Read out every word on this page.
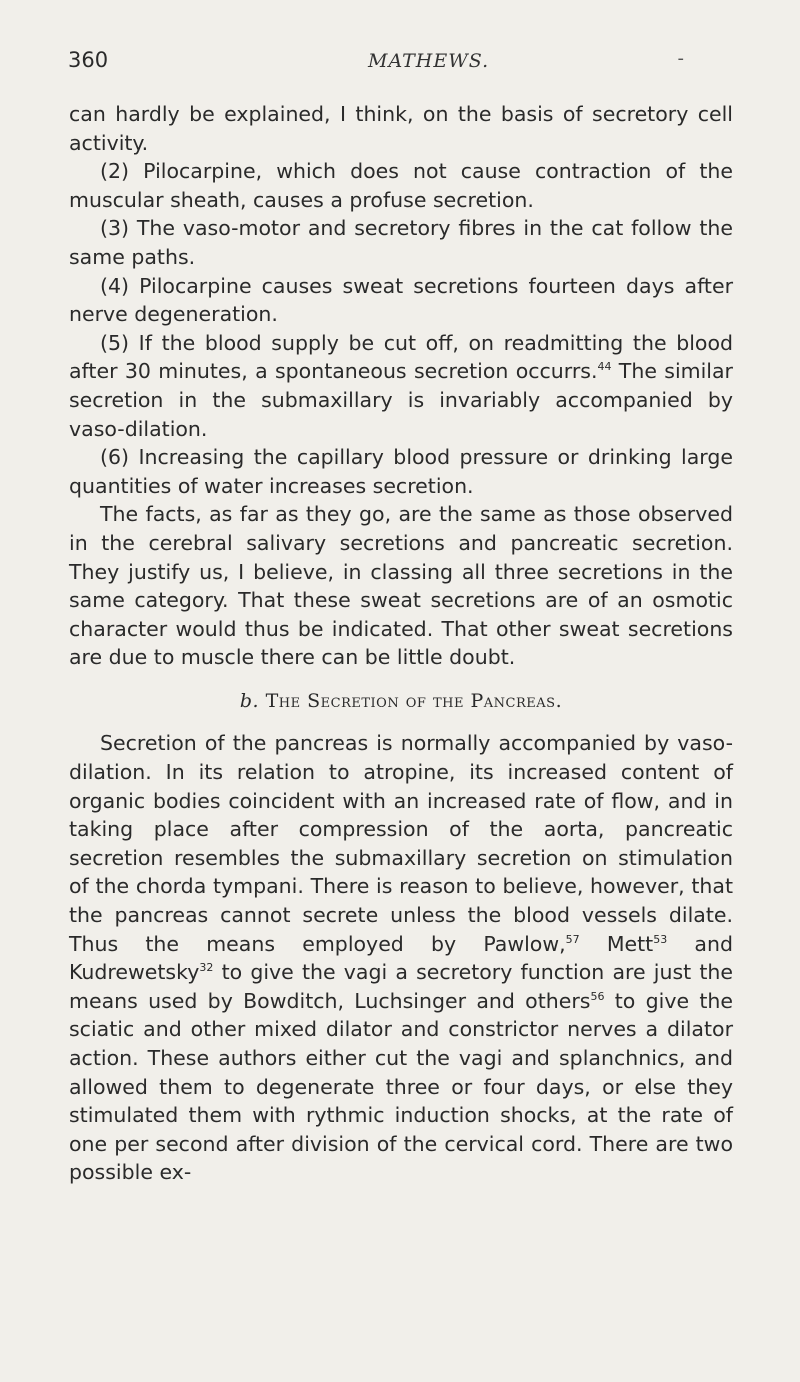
360	MATHEWS.	-

can hardly be explained, I think, on the basis of secretory cell activity.

(2) Pilocarpine, which does not cause contraction of the muscular sheath, causes a profuse secretion.

(3) The vaso-motor and secretory fibres in the cat follow the same paths.

(4) Pilocarpine causes sweat secretions fourteen days after nerve degeneration.

(5) If the blood supply be cut off, on readmitting the blood after 30 minutes, a spontaneous secretion occurrs.$^{44}$ The similar secretion in the submaxillary is invariably accompanied by vaso-dilation.

(6) Increasing the capillary blood pressure or drinking large quantities of water increases secretion.

The facts, as far as they go, are the same as those observed in the cerebral salivary secretions and pancreatic secretion. They justify us, I believe, in classing all three secretions in the same category. That these sweat secretions are of an osmotic character would thus be indicated. That other sweat secretions are due to muscle there can be little doubt.

b. The Secretion of the Pancreas.

Secretion of the pancreas is normally accompanied by vaso-dilation. In its relation to atropine, its increased content of organic bodies coincident with an increased rate of flow, and in taking place after compression of the aorta, pancreatic secretion resembles the submaxillary secretion on stimulation of the chorda tympani. There is reason to believe, however, that the pancreas cannot secrete unless the blood vessels dilate. Thus the means employed by Pawlow,$^{57}$ Mett$^{53}$ and Kudrewetsky$^{32}$ to give the vagi a secretory function are just the means used by Bowditch, Luchsinger and others$^{56}$ to give the sciatic and other mixed dilator and constrictor nerves a dilator action. These authors either cut the vagi and splanchnics, and allowed them to degenerate three or four days, or else they stimulated them with rythmic induction shocks, at the rate of one per second after division of the cervical cord. There are two possible ex-
